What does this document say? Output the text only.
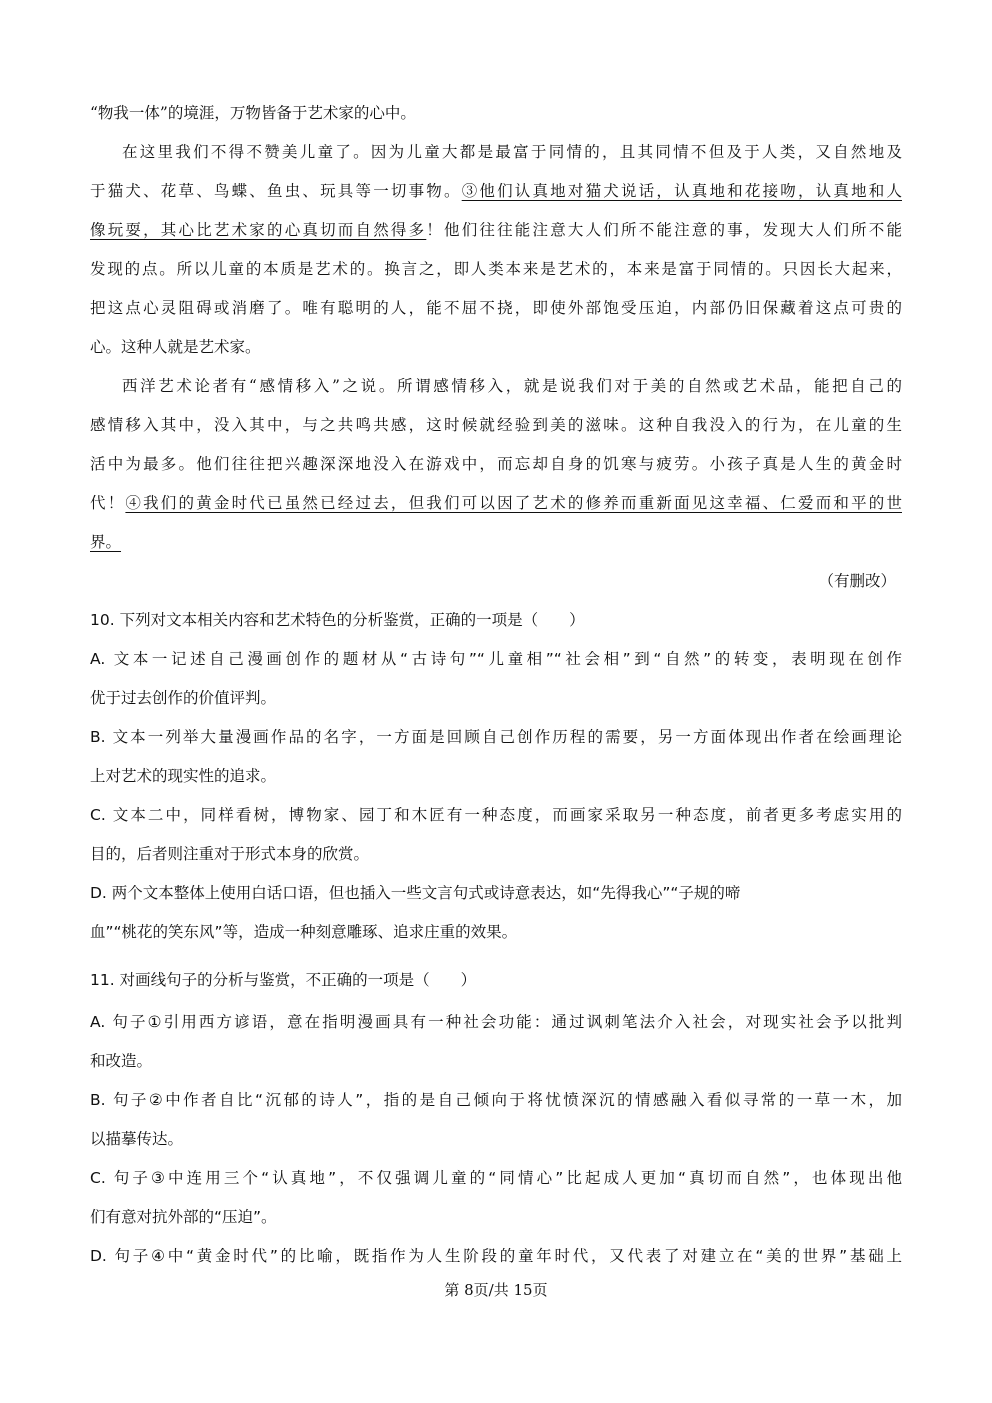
“物我一体”的境涯，万物皆备于艺术家的心中。
在这里我们不得不赞美儿童了。因为儿童大都是最富于同情的，且其同情不但及于人类，又自然地及
于猫犬、花草、鸟蝶、鱼虫、玩具等一切事物。③他们认真地对猫犬说话，认真地和花接吻，认真地和人
像玩耍，其心比艺术家的心真切而自然得多！他们往往能注意大人们所不能注意的事，发现大人们所不能
发现的点。所以儿童的本质是艺术的。换言之，即人类本来是艺术的，本来是富于同情的。只因长大起来，
把这点心灵阻碍或消磨了。唯有聪明的人，能不屈不挠，即使外部饱受压迫，内部仍旧保藏着这点可贵的
心。这种人就是艺术家。
西洋艺术论者有“感情移入”之说。所谓感情移入，就是说我们对于美的自然或艺术品，能把自己的
感情移入其中，没入其中，与之共鸣共感，这时候就经验到美的滋味。这种自我没入的行为，在儿童的生
活中为最多。他们往往把兴趣深深地没入在游戏中，而忘却自身的饥寒与疲劳。小孩子真是人生的黄金时
代！④我们的黄金时代已虽然已经过去，但我们可以因了艺术的修养而重新面见这幸福、仁爱而和平的世
界。
（有删改）
10. 下列对文本相关内容和艺术特色的分析鉴赏，正确的一项是（　　）
A. 文本一记述自己漫画创作的题材从“古诗句”“儿童相”“社会相”到“自然”的转变，表明现在创作
优于过去创作的价值评判。
B. 文本一列举大量漫画作品的名字，一方面是回顾自己创作历程的需要，另一方面体现出作者在绘画理论
上对艺术的现实性的追求。
C. 文本二中，同样看树，博物家、园丁和木匠有一种态度，而画家采取另一种态度，前者更多考虑实用的
目的，后者则注重对于形式本身的欣赏。
D. 两个文本整体上使用白话口语，但也插入一些文言句式或诗意表达，如“先得我心”“子规的啼
血”“桃花的笑东风”等，造成一种刻意雕琢、追求庄重的效果。
11. 对画线句子的分析与鉴赏，不正确的一项是（　　）
A. 句子①引用西方谚语，意在指明漫画具有一种社会功能：通过讽刺笔法介入社会，对现实社会予以批判
和改造。
B. 句子②中作者自比“沉郁的诗人”，指的是自己倾向于将忧愤深沉的情感融入看似寻常的一草一木，加
以描摹传达。
C. 句子③中连用三个“认真地”，不仅强调儿童的“同情心”比起成人更加“真切而自然”，也体现出他
们有意对抗外部的“压迫”。
D. 句子④中“黄金时代”的比喻，既指作为人生阶段的童年时代，又代表了对建立在“美的世界”基础上
第 8页/共 15页
